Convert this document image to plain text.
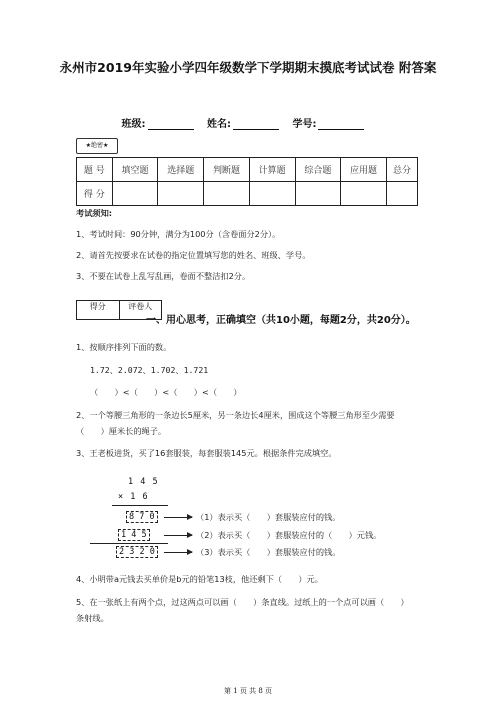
永州市2019年实验小学四年级数学下学期期末摸底考试试卷 附答案
班级:	姓名:	学号:
★绝密★
题 号	填空题	选择题	判断题	计算题	综合题	应用题	总分
得 分							
考试须知:
1、考试时间：90分钟，满分为100分（含卷面分2分）。
2、请首先按要求在试卷的指定位置填写您的姓名、班级、学号。
3、不要在试卷上乱写乱画，卷面不整洁扣2分。
得分	评卷人
一、用心思考，正确填空（共10小题，每题2分，共20分）。
1、按顺序排列下面的数。
1.72、2.072、1.702、1.721
（　　）<（　　）<（　　）<（　　）
2、一个等腰三角形的一条边长5厘米，另一条边长4厘米，围成这个等腰三角形至少需要
（　　）厘米长的绳子。
3、王老板进货，买了16套服装，每套服装145元。根据条件完成填空。
1 4 5
× 1 6
8 7 0
1 4 5
2 3 2 0
（1）表示买（　　）套服装应付的钱。
（2）表示买（　　）套服装应付的（　　）元钱。
（3）表示买（　　）套服装应付的钱。
4、小明带a元钱去买单价是b元的铅笔13枝，他还剩下（　　）元。
5、在一张纸上有两个点，过这两点可以画（　　）条直线。过纸上的一个点可以画（　　）
条射线。
第 1 页 共 8 页
